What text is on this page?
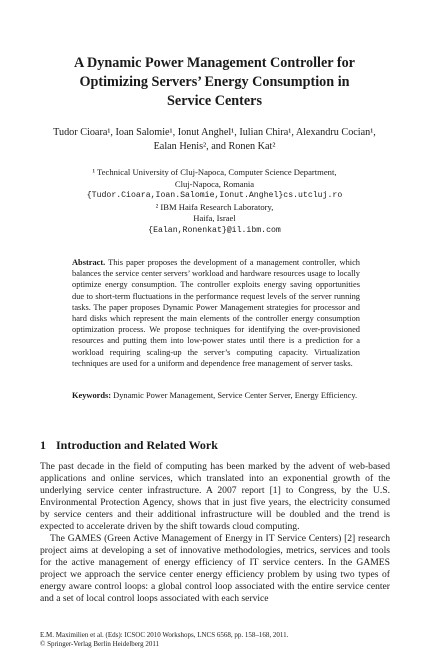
A Dynamic Power Management Controller for
Optimizing Servers’ Energy Consumption in
Service Centers
Tudor Cioara¹, Ioan Salomie¹, Ionut Anghel¹, Iulian Chira¹, Alexandru Cocian¹,
Ealan Henis², and Ronen Kat²
¹ Technical University of Cluj-Napoca, Computer Science Department,
Cluj-Napoca, Romania
{Tudor.Cioara,Ioan.Salomie,Ionut.Anghel}cs.utcluj.ro
² IBM Haifa Research Laboratory,
Haifa, Israel
{Ealan,Ronenkat}@il.ibm.com
Abstract. This paper proposes the development of a management controller, which balances the service center servers’ workload and hardware resources usage to locally optimize energy consumption. The controller exploits energy saving opportunities due to short-term fluctuations in the performance request levels of the server running tasks. The paper proposes Dynamic Power Management strategies for processor and hard disks which represent the main elements of the controller energy consumption optimization process. We propose techniques for identifying the over-provisioned resources and putting them into low-power states until there is a prediction for a workload requiring scaling-up the server’s computing capacity. Virtualization techniques are used for a uniform and dependence free management of server tasks.
Keywords: Dynamic Power Management, Service Center Server, Energy Efficiency.
1 Introduction and Related Work

The past decade in the field of computing has been marked by the advent of web-based applications and online services, which translated into an exponential growth of the underlying service center infrastructure. A 2007 report [1] to Congress, by the U.S. Environmental Protection Agency, shows that in just five years, the electricity consumed by service centers and their additional infrastructure will be doubled and the trend is expected to accelerate driven by the shift towards cloud computing.

The GAMES (Green Active Management of Energy in IT Service Centers) [2] research project aims at developing a set of innovative methodologies, metrics, services and tools for the active management of energy efficiency of IT service centers. In the GAMES project we approach the service center energy efficiency problem by using two types of energy aware control loops: a global control loop associated with the entire service center and a set of local control loops associated with each service

E.M. Maximilien et al. (Eds): ICSOC 2010 Workshops, LNCS 6568, pp. 158–168, 2011.
© Springer-Verlag Berlin Heidelberg 2011
